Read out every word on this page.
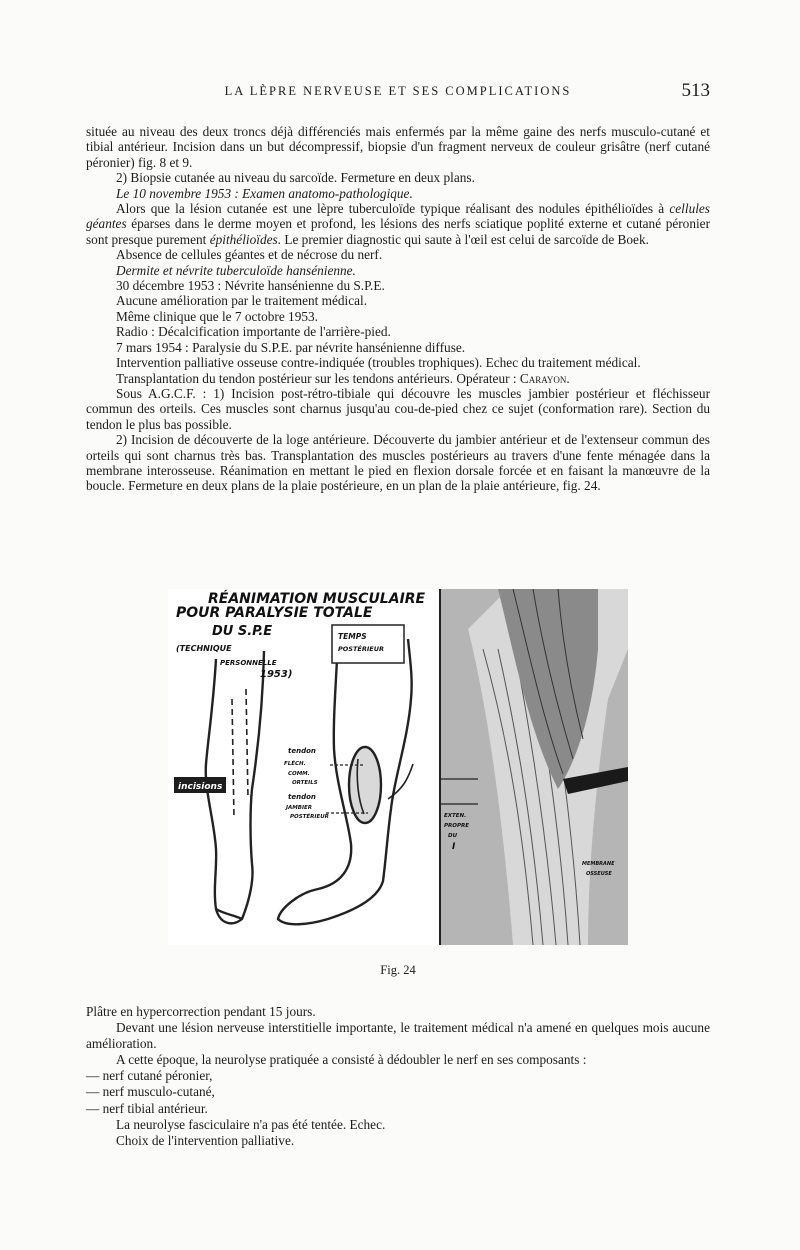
LA LÈPRE NERVEUSE ET SES COMPLICATIONS	513

située au niveau des deux troncs déjà différenciés mais enfermés par la même gaine des nerfs musculo-cutané et tibial antérieur. Incision dans un but décompressif, biopsie d'un fragment nerveux de couleur grisâtre (nerf cutané péronier) fig. 8 et 9.

2) Biopsie cutanée au niveau du sarcoïde. Fermeture en deux plans.

Le 10 novembre 1953 : Examen anatomo-pathologique.

Alors que la lésion cutanée est une lèpre tuberculoïde typique réalisant des nodules épithélioïdes à cellules géantes éparses dans le derme moyen et profond, les lésions des nerfs sciatique poplité externe et cutané péronier sont presque purement épithélioïdes. Le premier diagnostic qui saute à l'œil est celui de sarcoïde de Boek.

Absence de cellules géantes et de nécrose du nerf.

Dermite et névrite tuberculoïde hansénienne.

30 décembre 1953 : Névrite hansénienne du S.P.E.

Aucune amélioration par le traitement médical.

Même clinique que le 7 octobre 1953.

Radio : Décalcification importante de l'arrière-pied.

7 mars 1954 : Paralysie du S.P.E. par névrite hansénienne diffuse.

Intervention palliative osseuse contre-indiquée (troubles trophiques). Echec du traitement médical.

Transplantation du tendon postérieur sur les tendons antérieurs. Opérateur : Carayon.

Sous A.G.C.F. : 1) Incision post-rétro-tibiale qui découvre les muscles jambier postérieur et fléchisseur commun des orteils. Ces muscles sont charnus jusqu'au cou-de-pied chez ce sujet (conformation rare). Section du tendon le plus bas possible.

2) Incision de découverte de la loge antérieure. Découverte du jambier antérieur et de l'extenseur commun des orteils qui sont charnus très bas. Transplantation des muscles postérieurs au travers d'une fente ménagée dans la membrane interosseuse. Réanimation en mettant le pied en flexion dorsale forcée et en faisant la manœuvre de la boucle. Fermeture en deux plans de la plaie postérieure, en un plan de la plaie antérieure, fig. 24.

RÉANIMATION MUSCULAIRE
POUR PARALYSIE TOTALE
DU S.P.E
(TECHNIQUE
PERSONNELLE
1953)
incisions
TEMPS
POSTÉRIEUR
tendon
FLÉCH.
COMM.
ORTEILS
tendon
JAMBIER
POSTÉRIEUR	EXTEN.
PROPRE
DU
I
MEMBRANE
OSSEUSE
Fig. 24

Plâtre en hypercorrection pendant 15 jours.

Devant une lésion nerveuse interstitielle importante, le traitement médical n'a amené en quelques mois aucune amélioration.

A cette époque, la neurolyse pratiquée a consisté à dédoubler le nerf en ses composants :

— nerf cutané péronier,

— nerf musculo-cutané,

— nerf tibial antérieur.

La neurolyse fasciculaire n'a pas été tentée. Echec.

Choix de l'intervention palliative.
